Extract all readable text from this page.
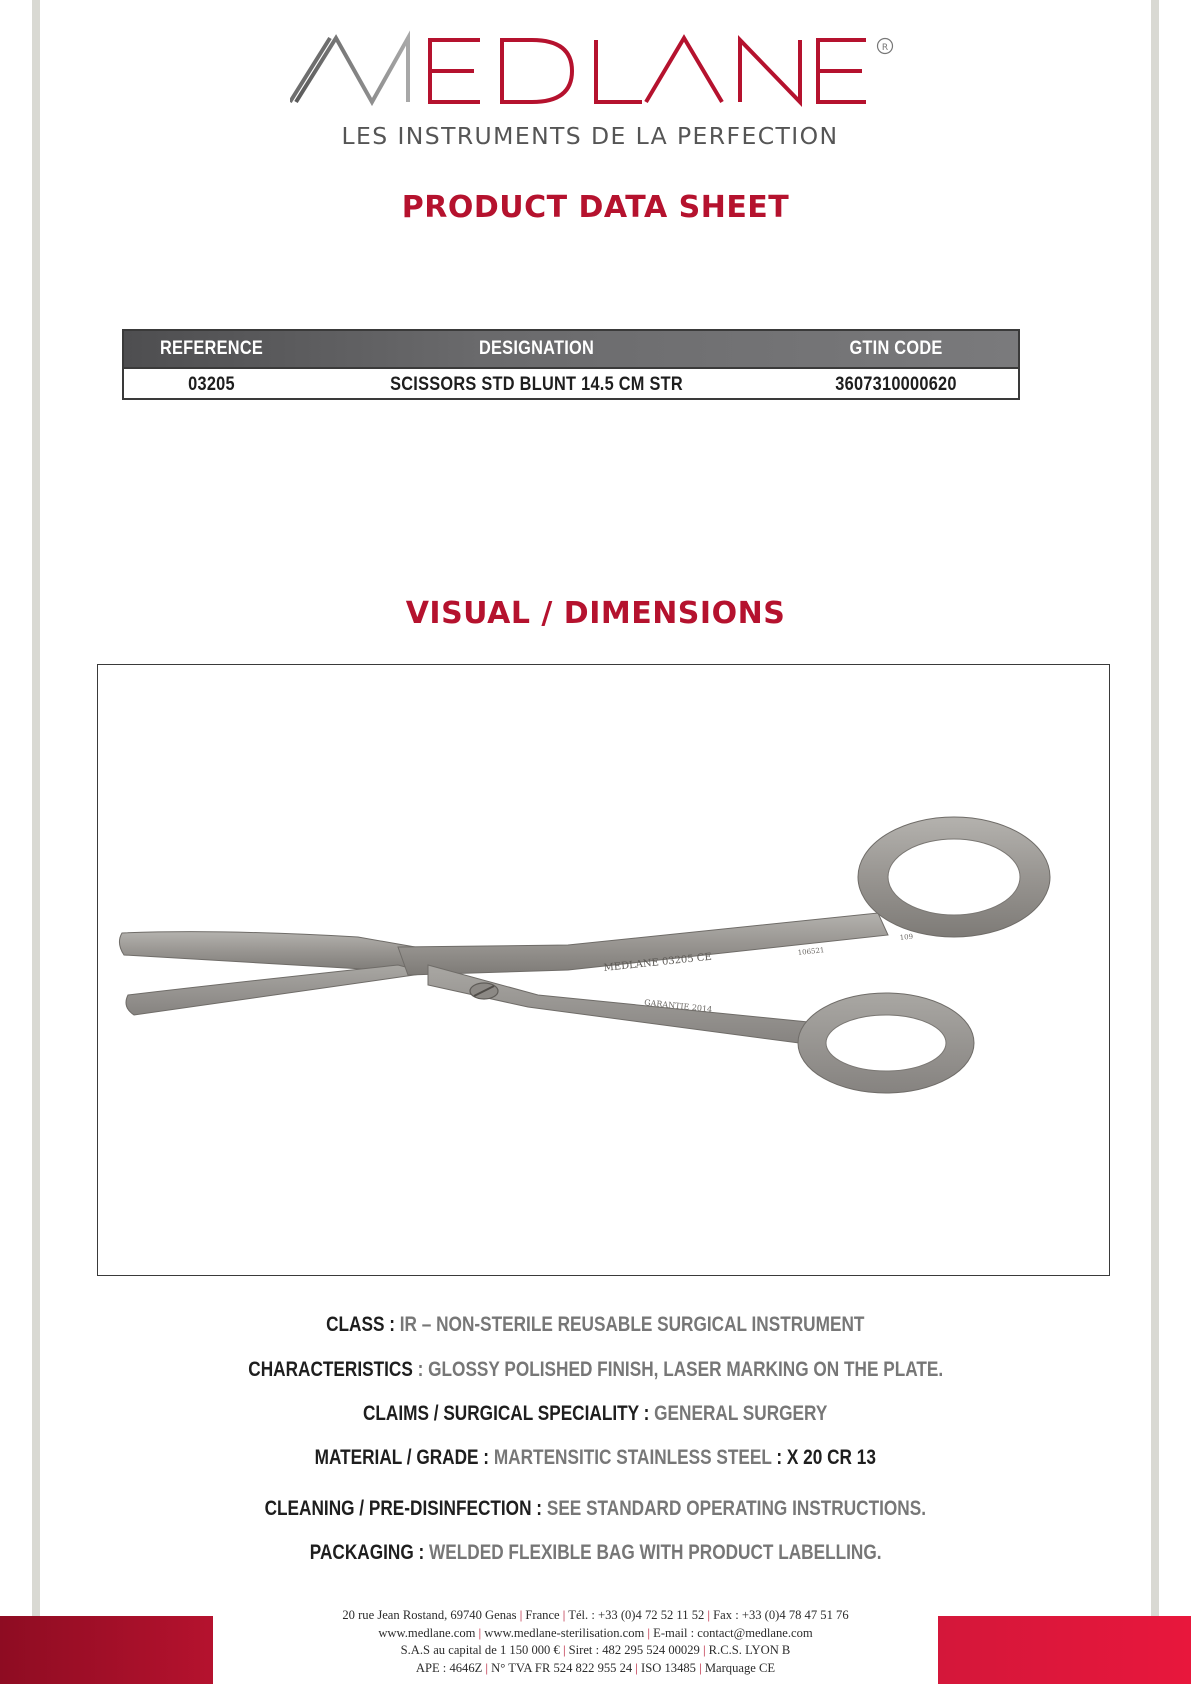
R
LES INSTRUMENTS DE LA PERFECTION
PRODUCT DATA SHEET
REFERENCE	DESIGNATION	GTIN CODE
03205	SCISSORS STD BLUNT 14.5 CM STR	3607310000620
VISUAL / DIMENSIONS
MEDLANE 03205 CE
106521
109
GARANTIE 2014
CLASS : IR – NON-STERILE REUSABLE SURGICAL INSTRUMENT
CHARACTERISTICS : GLOSSY POLISHED FINISH, LASER MARKING ON THE PLATE.
CLAIMS / SURGICAL SPECIALITY : GENERAL SURGERY
MATERIAL / GRADE : MARTENSITIC STAINLESS STEEL : X 20 CR 13
CLEANING / PRE-DISINFECTION : SEE STANDARD OPERATING INSTRUCTIONS.
PACKAGING : WELDED FLEXIBLE BAG WITH PRODUCT LABELLING.
20 rue Jean Rostand, 69740 Genas | France | Tél. : +33 (0)4 72 52 11 52 | Fax : +33 (0)4 78 47 51 76
www.medlane.com | www.medlane-sterilisation.com | E-mail : contact@medlane.com
S.A.S au capital de 1 150 000 € | Siret : 482 295 524 00029 | R.C.S. LYON B
APE : 4646Z | N° TVA FR 524 822 955 24 | ISO 13485 | Marquage CE
